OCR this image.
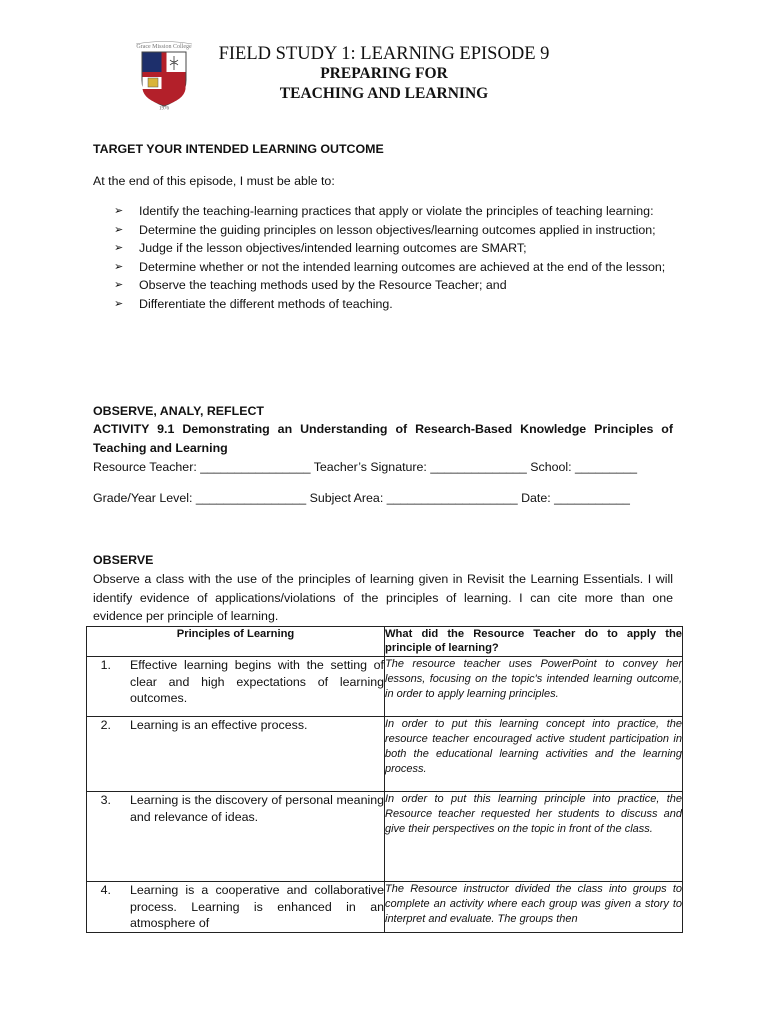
Grace Mission College
1976
FIELD STUDY 1: LEARNING EPISODE 9
PREPARING FOR
TEACHING AND LEARNING
TARGET YOUR INTENDED LEARNING OUTCOME
At the end of this episode, I must be able to:
➢ Identify the teaching-learning practices that apply or violate the principles of teaching learning:
➢ Determine the guiding principles on lesson objectives/learning outcomes applied in instruction;
➢ Judge if the lesson objectives/intended learning outcomes are SMART;
➢ Determine whether or not the intended learning outcomes are achieved at the end of the lesson;
➢ Observe the teaching methods used by the Resource Teacher; and
➢ Differentiate the different methods of teaching.
OBSERVE, ANALY, REFLECT
ACTIVITY 9.1 Demonstrating an Understanding of Research-Based Knowledge Principles of
Teaching and Learning
Resource Teacher: ________________ Teacher’s Signature: ______________ School: _________
Grade/Year Level: ________________ Subject Area: ___________________ Date: ___________
OBSERVE
Observe a class with the use of the principles of learning given in Revisit the Learning Essentials. I will
identify evidence of applications/violations of the principles of learning. I can cite more than one
evidence per principle of learning.
Principles of Learning	What did the Resource Teacher do to apply the principle of learning?

1. Effective learning begins with the setting of clear and high expectations of learning outcomes.	The resource teacher uses PowerPoint to convey her lessons, focusing on the topic's intended learning outcome, in order to apply learning principles.

2. Learning is an effective process.	In order to put this learning concept into practice, the resource teacher encouraged active student participation in both the educational learning activities and the learning process.

3. Learning is the discovery of personal meaning and relevance of ideas.	In order to put this learning principle into practice, the Resource teacher requested her students to discuss and give their perspectives on the topic in front of the class.

4. Learning is a cooperative and collaborative process. Learning is enhanced in an atmosphere of	The Resource instructor divided the class into groups to complete an activity where each group was given a story to interpret and evaluate. The groups then
